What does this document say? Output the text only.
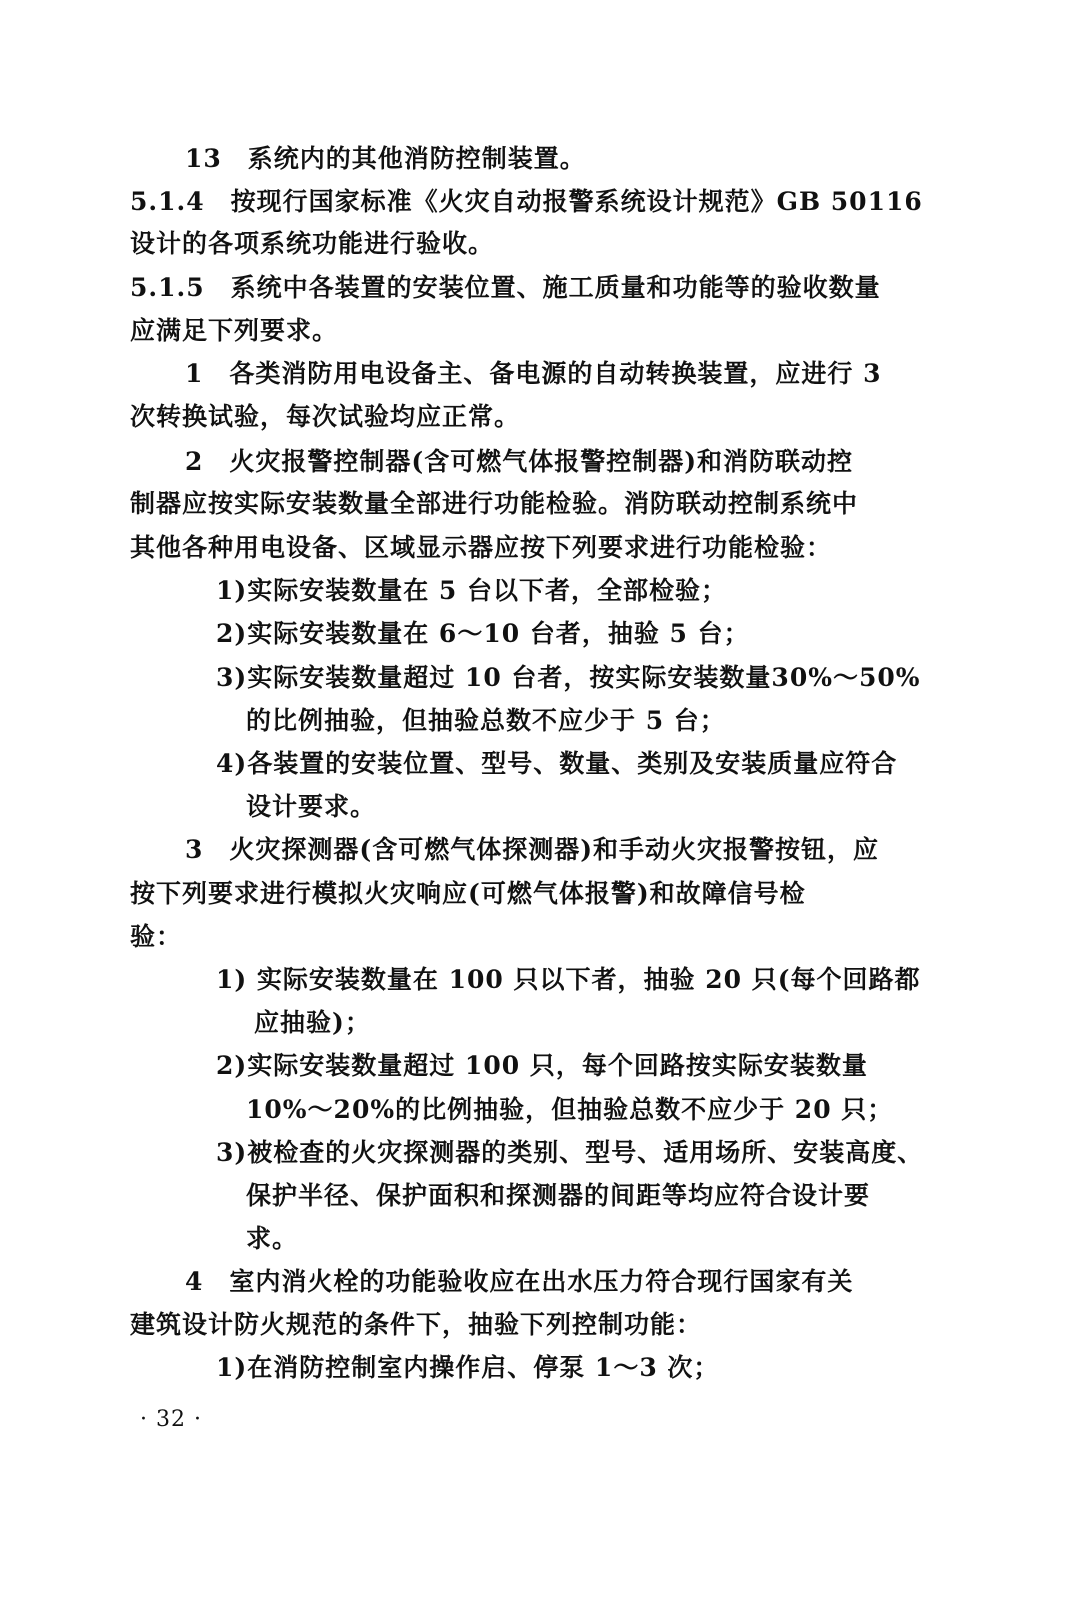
13　系统内的其他消防控制装置。
5.1.4　按现行国家标准《火灾自动报警系统设计规范》GB 50116
设计的各项系统功能进行验收。
5.1.5　系统中各装置的安装位置、施工质量和功能等的验收数量
应满足下列要求。
1　各类消防用电设备主、备电源的自动转换装置，应进行 3
次转换试验，每次试验均应正常。
2　火灾报警控制器(含可燃气体报警控制器)和消防联动控
制器应按实际安装数量全部进行功能检验。消防联动控制系统中
其他各种用电设备、区域显示器应按下列要求进行功能检验：
1)实际安装数量在 5 台以下者，全部检验；
2)实际安装数量在 6～10 台者，抽验 5 台；
3)实际安装数量超过 10 台者，按实际安装数量30%～50%
的比例抽验，但抽验总数不应少于 5 台；
4)各装置的安装位置、型号、数量、类别及安装质量应符合
设计要求。
3　火灾探测器(含可燃气体探测器)和手动火灾报警按钮，应
按下列要求进行模拟火灾响应(可燃气体报警)和故障信号检
验：
1) 实际安装数量在 100 只以下者，抽验 20 只(每个回路都
应抽验)；
2)实际安装数量超过 100 只，每个回路按实际安装数量
10%～20%的比例抽验，但抽验总数不应少于 20 只；
3)被检查的火灾探测器的类别、型号、适用场所、安装高度、
保护半径、保护面积和探测器的间距等均应符合设计要
求。
4　室内消火栓的功能验收应在出水压力符合现行国家有关
建筑设计防火规范的条件下，抽验下列控制功能：
1)在消防控制室内操作启、停泵 1～3 次；
· 32 ·
